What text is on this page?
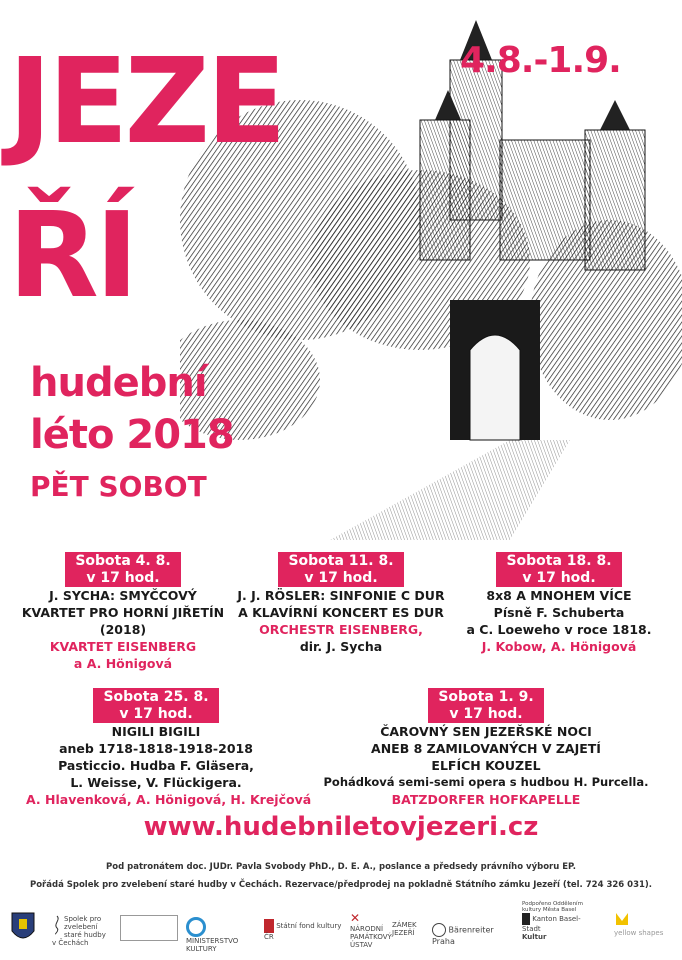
JEZE
ŘÍ
4.8.-1.9.
hudební
léto 2018
PĚT SOBOT
Sobota 4. 8.
v 17 hod.
J. SYCHA: SMYČCOVÝ
KVARTET PRO HORNÍ JIŘETÍN
(2018)
KVARTET EISENBERG
a A. Hönigová
Sobota 11. 8.
v 17 hod.
J. J. RÖSLER: SINFONIE C DUR
A KLAVÍRNÍ KONCERT ES DUR
ORCHESTR EISENBERG,
dir. J. Sycha
Sobota 18. 8.
v 17 hod.
8x8 A MNOHEM VÍCE
Písně F. Schuberta
a C. Loeweho v roce 1818.
J. Kobow, A. Hönigová
Sobota 25. 8.
v 17 hod.
NIGILI BIGILI
aneb 1718-1818-1918-2018
Pasticcio. Hudba F. Gläsera,
L. Weisse, V. Flückigera.
A. Hlavenková, A. Hönigová, H. Krejčová
Sobota 1. 9.
v 17 hod.
ČAROVNÝ SEN JEZEŘSKÉ NOCI
ANEB 8 ZAMILOVANÝCH V ZAJETÍ
ELFÍCH KOUZEL
Pohádková semi-semi opera s hudbou H. Purcella.
BATZDORFER HOFKAPELLE
www.hudebniletovjezeri.cz
Pod patronátem doc. JUDr. Pavla Svobody PhD., D. E. A., poslance a předsedy právního výboru EP.
Pořádá Spolek pro zvelebení staré hudby v Čechách. Rezervace/předprodej na pokladně Státního zámku Jezeří (tel. 724 326 031).
Spolek pro zvelebení staré hudby v Čechách	MINISTERSTVO KULTURY
Státní fond kultury ČR
✕
NÁRODNÍ PAMÁTKOVÝ ÚSTAV
ZÁMEK JEZEŘÍ	Bärenreiter Praha
Podpořeno Oddělením kultury Města Basel
Kanton Basel-Stadt
Kultur	yellow shapes
